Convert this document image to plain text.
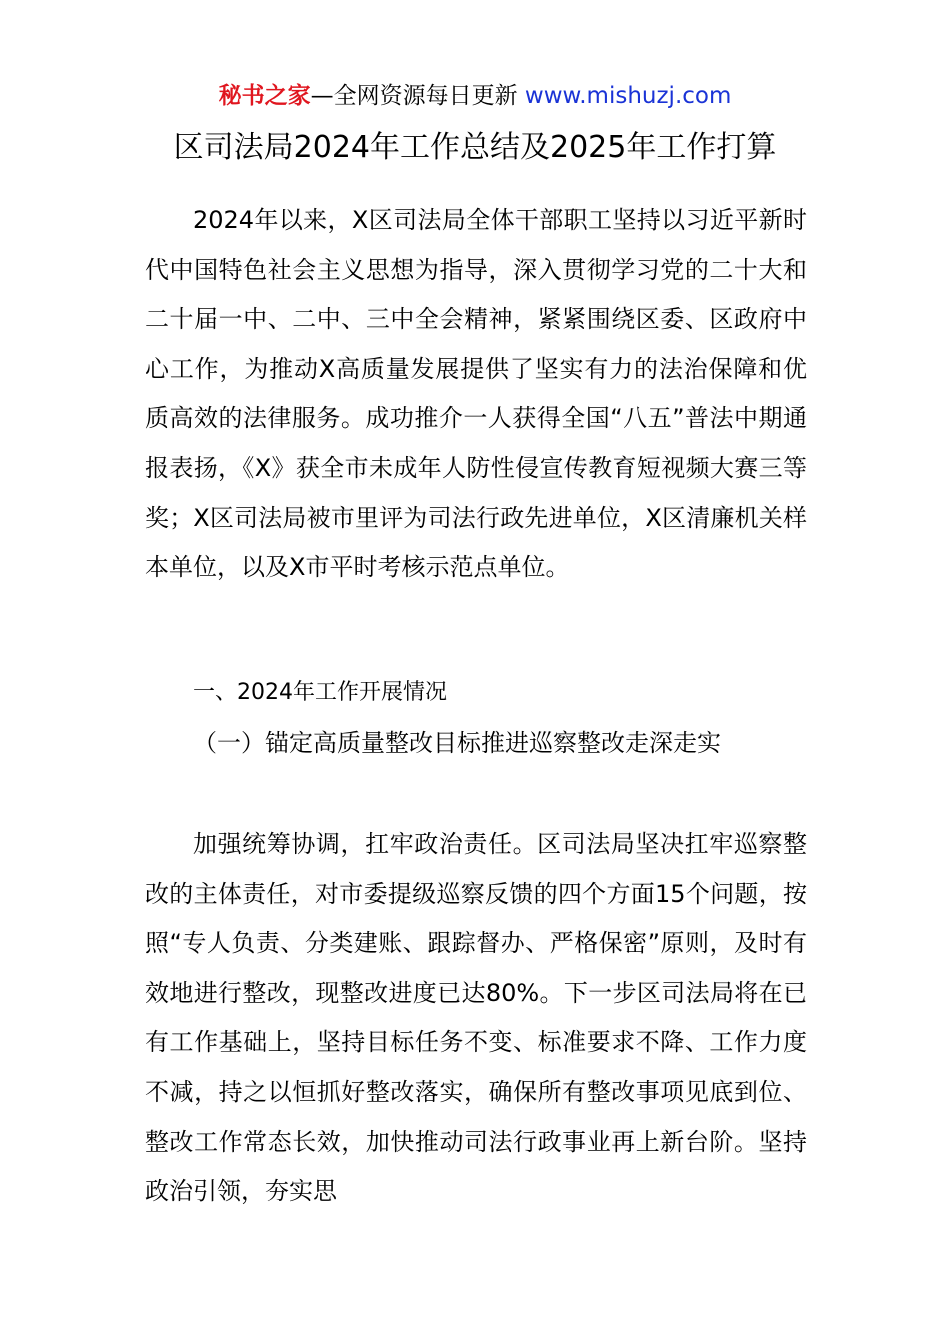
秘书之家—全网资源每日更新 www.mishuzj.com
区司法局2024年工作总结及2025年工作打算

2024年以来，X区司法局全体干部职工坚持以习近平新时代中国特色社会主义思想为指导，深入贯彻学习党的二十大和二十届一中、二中、三中全会精神，紧紧围绕区委、区政府中心工作，为推动X高质量发展提供了坚实有力的法治保障和优质高效的法律服务。成功推介一人获得全国“八五”普法中期通报表扬，《X》获全市未成年人防性侵宣传教育短视频大赛三等奖；X区司法局被市里评为司法行政先进单位，X区清廉机关样本单位，以及X市平时考核示范点单位。

一、2024年工作开展情况

（一）锚定高质量整改目标推进巡察整改走深走实

加强统筹协调，扛牢政治责任。区司法局坚决扛牢巡察整改的主体责任，对市委提级巡察反馈的四个方面15个问题，按照“专人负责、分类建账、跟踪督办、严格保密”原则，及时有效地进行整改，现整改进度已达80%。下一步区司法局将在已有工作基础上，坚持目标任务不变、标准要求不降、工作力度不减，持之以恒抓好整改落实，确保所有整改事项见底到位、整改工作常态长效，加快推动司法行政事业再上新台阶。坚持政治引领，夯实思
